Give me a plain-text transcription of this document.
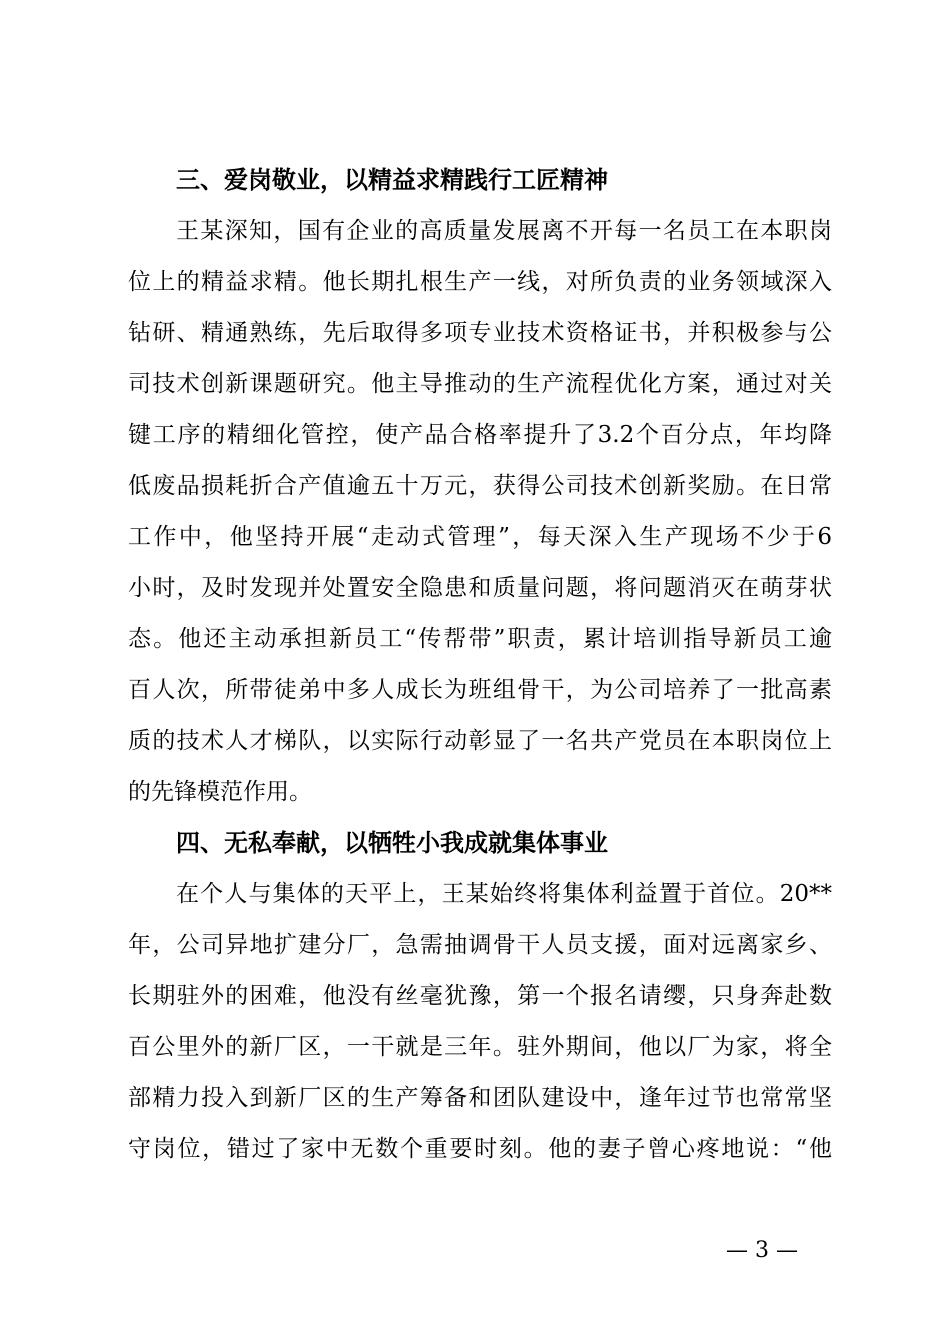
三、爱岗敬业，以精益求精践行工匠精神
王某深知，国有企业的高质量发展离不开每一名员工在本职岗
位上的精益求精。他长期扎根生产一线，对所负责的业务领域深入
钻研、精通熟练，先后取得多项专业技术资格证书，并积极参与公
司技术创新课题研究。他主导推动的生产流程优化方案，通过对关
键工序的精细化管控，使产品合格率提升了3.2个百分点，年均降
低废品损耗折合产值逾五十万元，获得公司技术创新奖励。在日常
工作中，他坚持开展“走动式管理”，每天深入生产现场不少于6
小时，及时发现并处置安全隐患和质量问题，将问题消灭在萌芽状
态。他还主动承担新员工“传帮带”职责，累计培训指导新员工逾
百人次，所带徒弟中多人成长为班组骨干，为公司培养了一批高素
质的技术人才梯队，以实际行动彰显了一名共产党员在本职岗位上
的先锋模范作用。
四、无私奉献，以牺牲小我成就集体事业
在个人与集体的天平上，王某始终将集体利益置于首位。20**
年，公司异地扩建分厂，急需抽调骨干人员支援，面对远离家乡、
长期驻外的困难，他没有丝毫犹豫，第一个报名请缨，只身奔赴数
百公里外的新厂区，一干就是三年。驻外期间，他以厂为家，将全
部精力投入到新厂区的生产筹备和团队建设中，逢年过节也常常坚
守岗位，错过了家中无数个重要时刻。他的妻子曾心疼地说：“他
— 3 —
